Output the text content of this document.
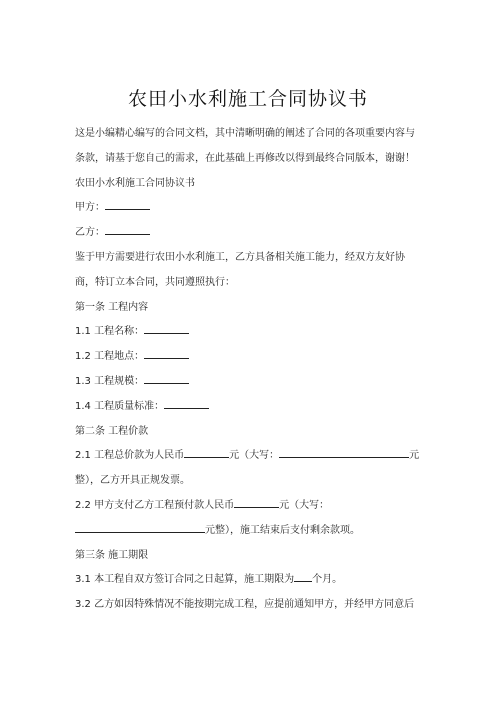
农田小水利施工合同协议书

这是小编精心编写的合同文档，其中清晰明确的阐述了合同的各项重要内容与

条款，请基于您自己的需求，在此基础上再修改以得到最终合同版本，谢谢！

农田小水利施工合同协议书

甲方：

乙方：

鉴于甲方需要进行农田小水利施工，乙方具备相关施工能力，经双方友好协

商，特订立本合同，共同遵照执行：

第一条 工程内容

1.1 工程名称：

1.2 工程地点：

1.3 工程规模：

1.4 工程质量标准：

第二条 工程价款

2.1 工程总价款为人民币	元（大写：	元

整），乙方开具正规发票。

2.2 甲方支付乙方工程预付款人民币	元（大写：

元整），施工结束后支付剩余款项。

第三条 施工期限

3.1 本工程自双方签订合同之日起算，施工期限为 个月。

3.2 乙方如因特殊情况不能按期完成工程，应提前通知甲方，并经甲方同意后
